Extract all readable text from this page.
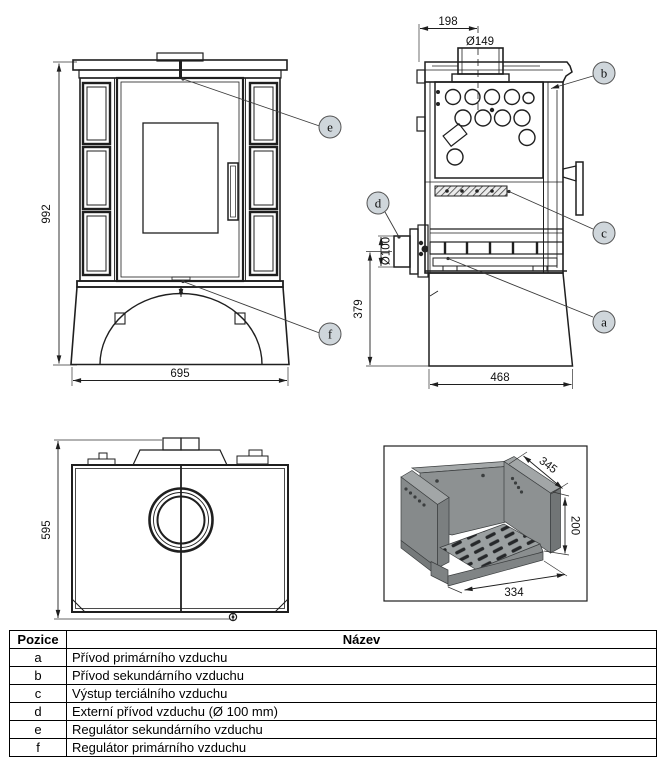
992
695
e
f
198
Ø149
Ø100
379
468
b
c
a
d
595
345
200
334
Pozice	Název
a	Přívod primárního vzduchu
b	Přívod sekundárního vzduchu
c	Výstup terciálního vzduchu
d	Externí přívod vzduchu (Ø 100 mm)
e	Regulátor sekundárního vzduchu
f	Regulátor primárního vzduchu
